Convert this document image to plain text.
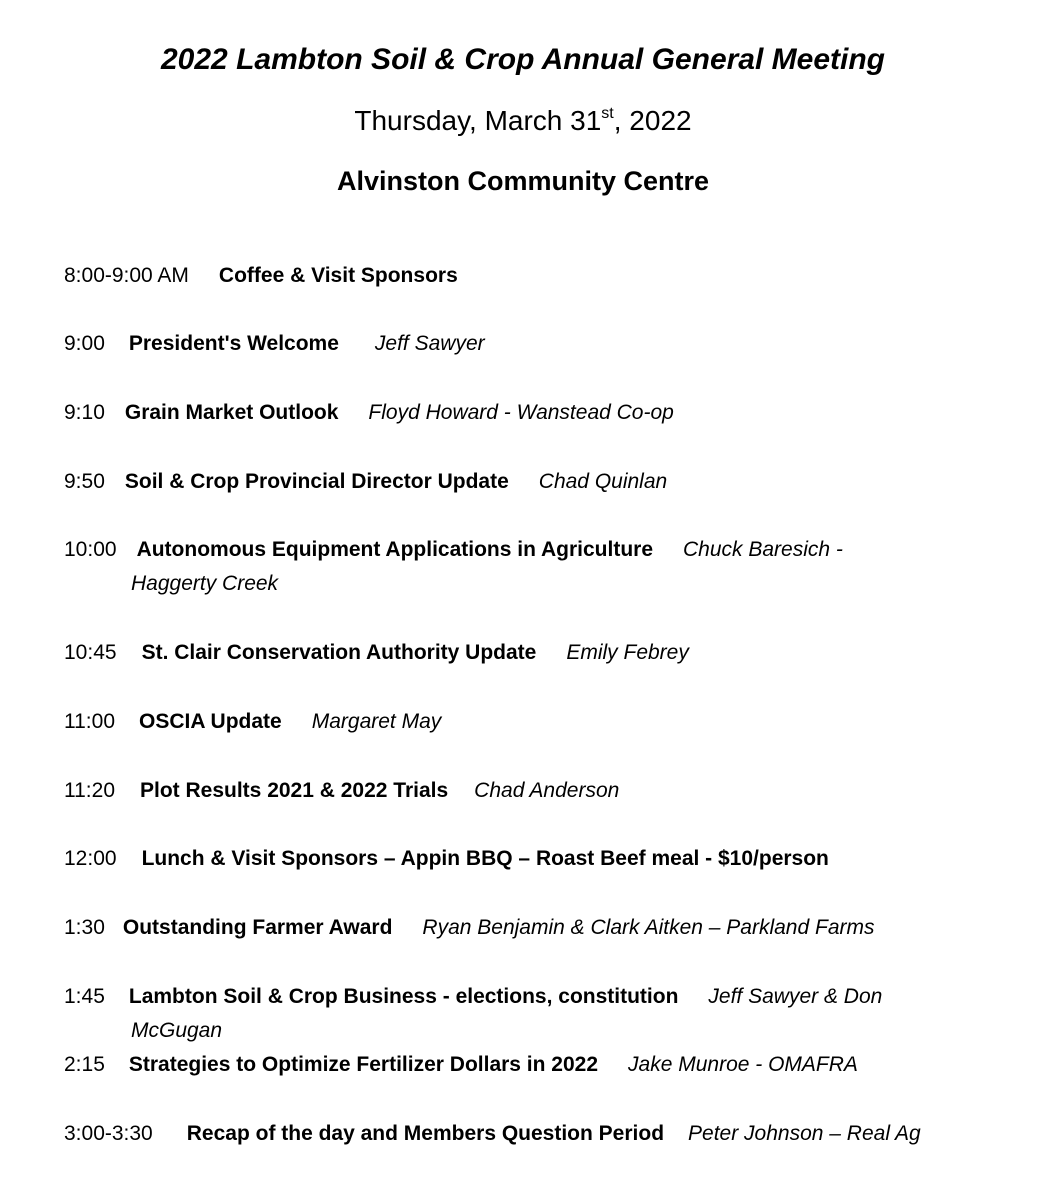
2022 Lambton Soil & Crop Annual General Meeting
Thursday, March 31st, 2022
Alvinston Community Centre
8:00-9:00 AM Coffee & Visit Sponsors
9:00 President's Welcome Jeff Sawyer
9:10 Grain Market Outlook Floyd Howard - Wanstead Co-op
9:50 Soil & Crop Provincial Director Update Chad Quinlan
10:00 Autonomous Equipment Applications in Agriculture Chuck Baresich -
Haggerty Creek
10:45 St. Clair Conservation Authority Update Emily Febrey
11:00 OSCIA Update Margaret May
11:20 Plot Results 2021 & 2022 Trials Chad Anderson
12:00 Lunch & Visit Sponsors – Appin BBQ – Roast Beef meal - $10/person
1:30 Outstanding Farmer Award Ryan Benjamin & Clark Aitken – Parkland Farms
1:45 Lambton Soil & Crop Business - elections, constitution Jeff Sawyer & Don
McGugan
2:15 Strategies to Optimize Fertilizer Dollars in 2022 Jake Munroe - OMAFRA
3:00-3:30 Recap of the day and Members Question Period Peter Johnson – Real Ag
